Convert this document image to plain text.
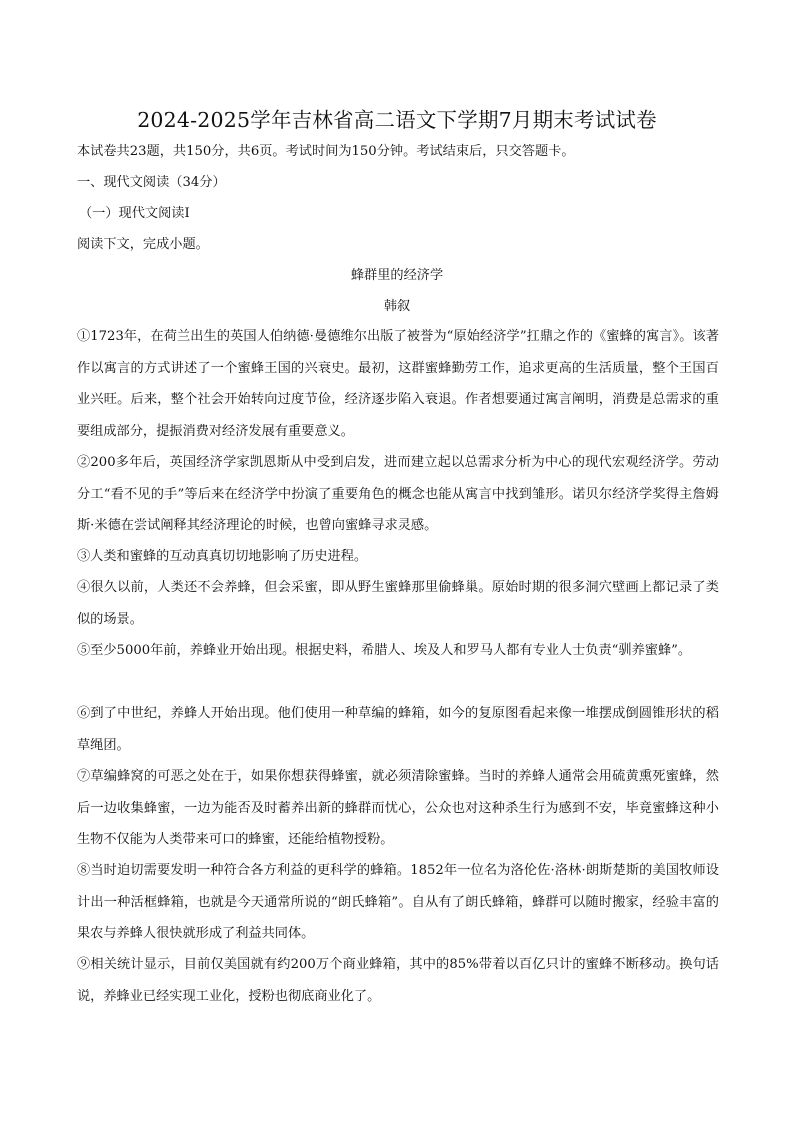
2024-2025学年吉林省高二语文下学期7月期末考试试卷
本试卷共23题，共150分，共6页。考试时间为150分钟。考试结束后，只交答题卡。
一、现代文阅读（34分）
（一）现代文阅读Ⅰ
阅读下文，完成小题。
蜂群里的经济学
韩叙
①1723年，在荷兰出生的英国人伯纳德·曼德维尔出版了被誉为“原始经济学”扛鼎之作的《蜜蜂的寓言》。该著作以寓言的方式讲述了一个蜜蜂王国的兴衰史。最初，这群蜜蜂勤劳工作，追求更高的生活质量，整个王国百业兴旺。后来，整个社会开始转向过度节俭，经济逐步陷入衰退。作者想要通过寓言阐明，消费是总需求的重要组成部分，提振消费对经济发展有重要意义。
②200多年后，英国经济学家凯恩斯从中受到启发，进而建立起以总需求分析为中心的现代宏观经济学。劳动分工“看不见的手”等后来在经济学中扮演了重要角色的概念也能从寓言中找到雏形。诺贝尔经济学奖得主詹姆斯·米德在尝试阐释其经济理论的时候，也曾向蜜蜂寻求灵感。
③人类和蜜蜂的互动真真切切地影响了历史进程。
④很久以前，人类还不会养蜂，但会采蜜，即从野生蜜蜂那里偷蜂巢。原始时期的很多洞穴壁画上都记录了类似的场景。
⑤至少5000年前，养蜂业开始出现。根据史料，希腊人、埃及人和罗马人都有专业人士负责“驯养蜜蜂”。
⑥到了中世纪，养蜂人开始出现。他们使用一种草编的蜂箱，如今的复原图看起来像一堆摆成倒圆锥形状的稻草绳团。
⑦草编蜂窝的可恶之处在于，如果你想获得蜂蜜，就必须清除蜜蜂。当时的养蜂人通常会用硫黄熏死蜜蜂，然后一边收集蜂蜜，一边为能否及时蓄养出新的蜂群而忧心，公众也对这种杀生行为感到不安，毕竟蜜蜂这种小生物不仅能为人类带来可口的蜂蜜，还能给植物授粉。
⑧当时迫切需要发明一种符合各方利益的更科学的蜂箱。1852年一位名为洛伦佐·洛林·朗斯楚斯的美国牧师设计出一种活框蜂箱，也就是今天通常所说的“朗氏蜂箱”。自从有了朗氏蜂箱，蜂群可以随时搬家，经验丰富的果农与养蜂人很快就形成了利益共同体。
⑨相关统计显示，目前仅美国就有约200万个商业蜂箱，其中的85%带着以百亿只计的蜜蜂不断移动。换句话说，养蜂业已经实现工业化，授粉也彻底商业化了。
